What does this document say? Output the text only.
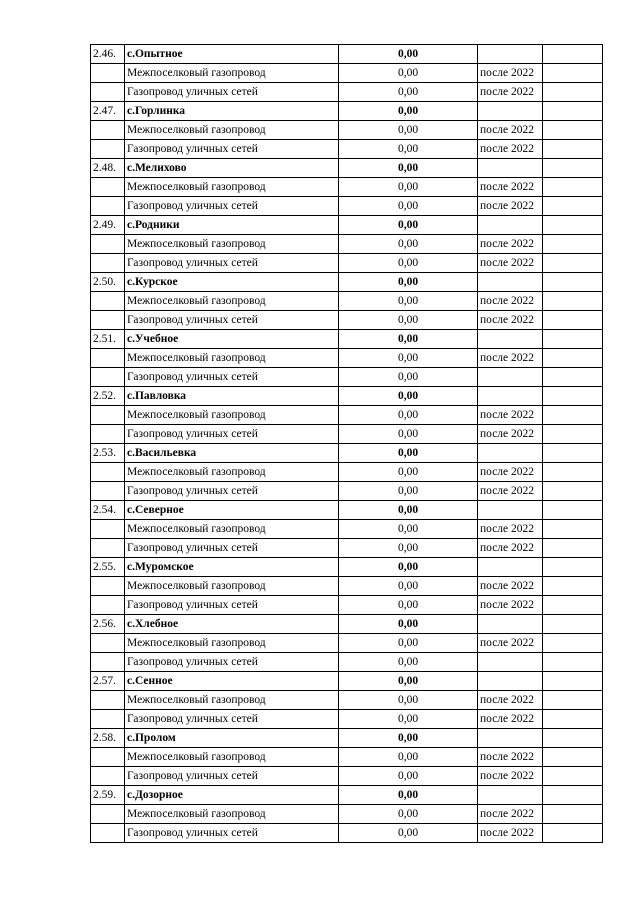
2.46.	с.Опытное	0,00		
	Межпоселковый газопровод	0,00	после 2022	
	Газопровод уличных сетей	0,00	после 2022	
2.47.	с.Горлинка	0,00		
	Межпоселковый газопровод	0,00	после 2022	
	Газопровод уличных сетей	0,00	после 2022	
2.48.	с.Мелихово	0,00		
	Межпоселковый газопровод	0,00	после 2022	
	Газопровод уличных сетей	0,00	после 2022	
2.49.	с.Родники	0,00		
	Межпоселковый газопровод	0,00	после 2022	
	Газопровод уличных сетей	0,00	после 2022	
2.50.	с.Курское	0,00		
	Межпоселковый газопровод	0,00	после 2022	
	Газопровод уличных сетей	0,00	после 2022	
2.51.	с.Учебное	0,00		
	Межпоселковый газопровод	0,00	после 2022	
	Газопровод уличных сетей	0,00		
2.52.	с.Павловка	0,00		
	Межпоселковый газопровод	0,00	после 2022	
	Газопровод уличных сетей	0,00	после 2022	
2.53.	с.Васильевка	0,00		
	Межпоселковый газопровод	0,00	после 2022	
	Газопровод уличных сетей	0,00	после 2022	
2.54.	с.Северное	0,00		
	Межпоселковый газопровод	0,00	после 2022	
	Газопровод уличных сетей	0,00	после 2022	
2.55.	с.Муромское	0,00		
	Межпоселковый газопровод	0,00	после 2022	
	Газопровод уличных сетей	0,00	после 2022	
2.56.	с.Хлебное	0,00		
	Межпоселковый газопровод	0,00	после 2022	
	Газопровод уличных сетей	0,00		
2.57.	с.Сенное	0,00		
	Межпоселковый газопровод	0,00	после 2022	
	Газопровод уличных сетей	0,00	после 2022	
2.58.	с.Пролом	0,00		
	Межпоселковый газопровод	0,00	после 2022	
	Газопровод уличных сетей	0,00	после 2022	
2.59.	с.Дозорное	0,00		
	Межпоселковый газопровод	0,00	после 2022	
	Газопровод уличных сетей	0,00	после 2022	
